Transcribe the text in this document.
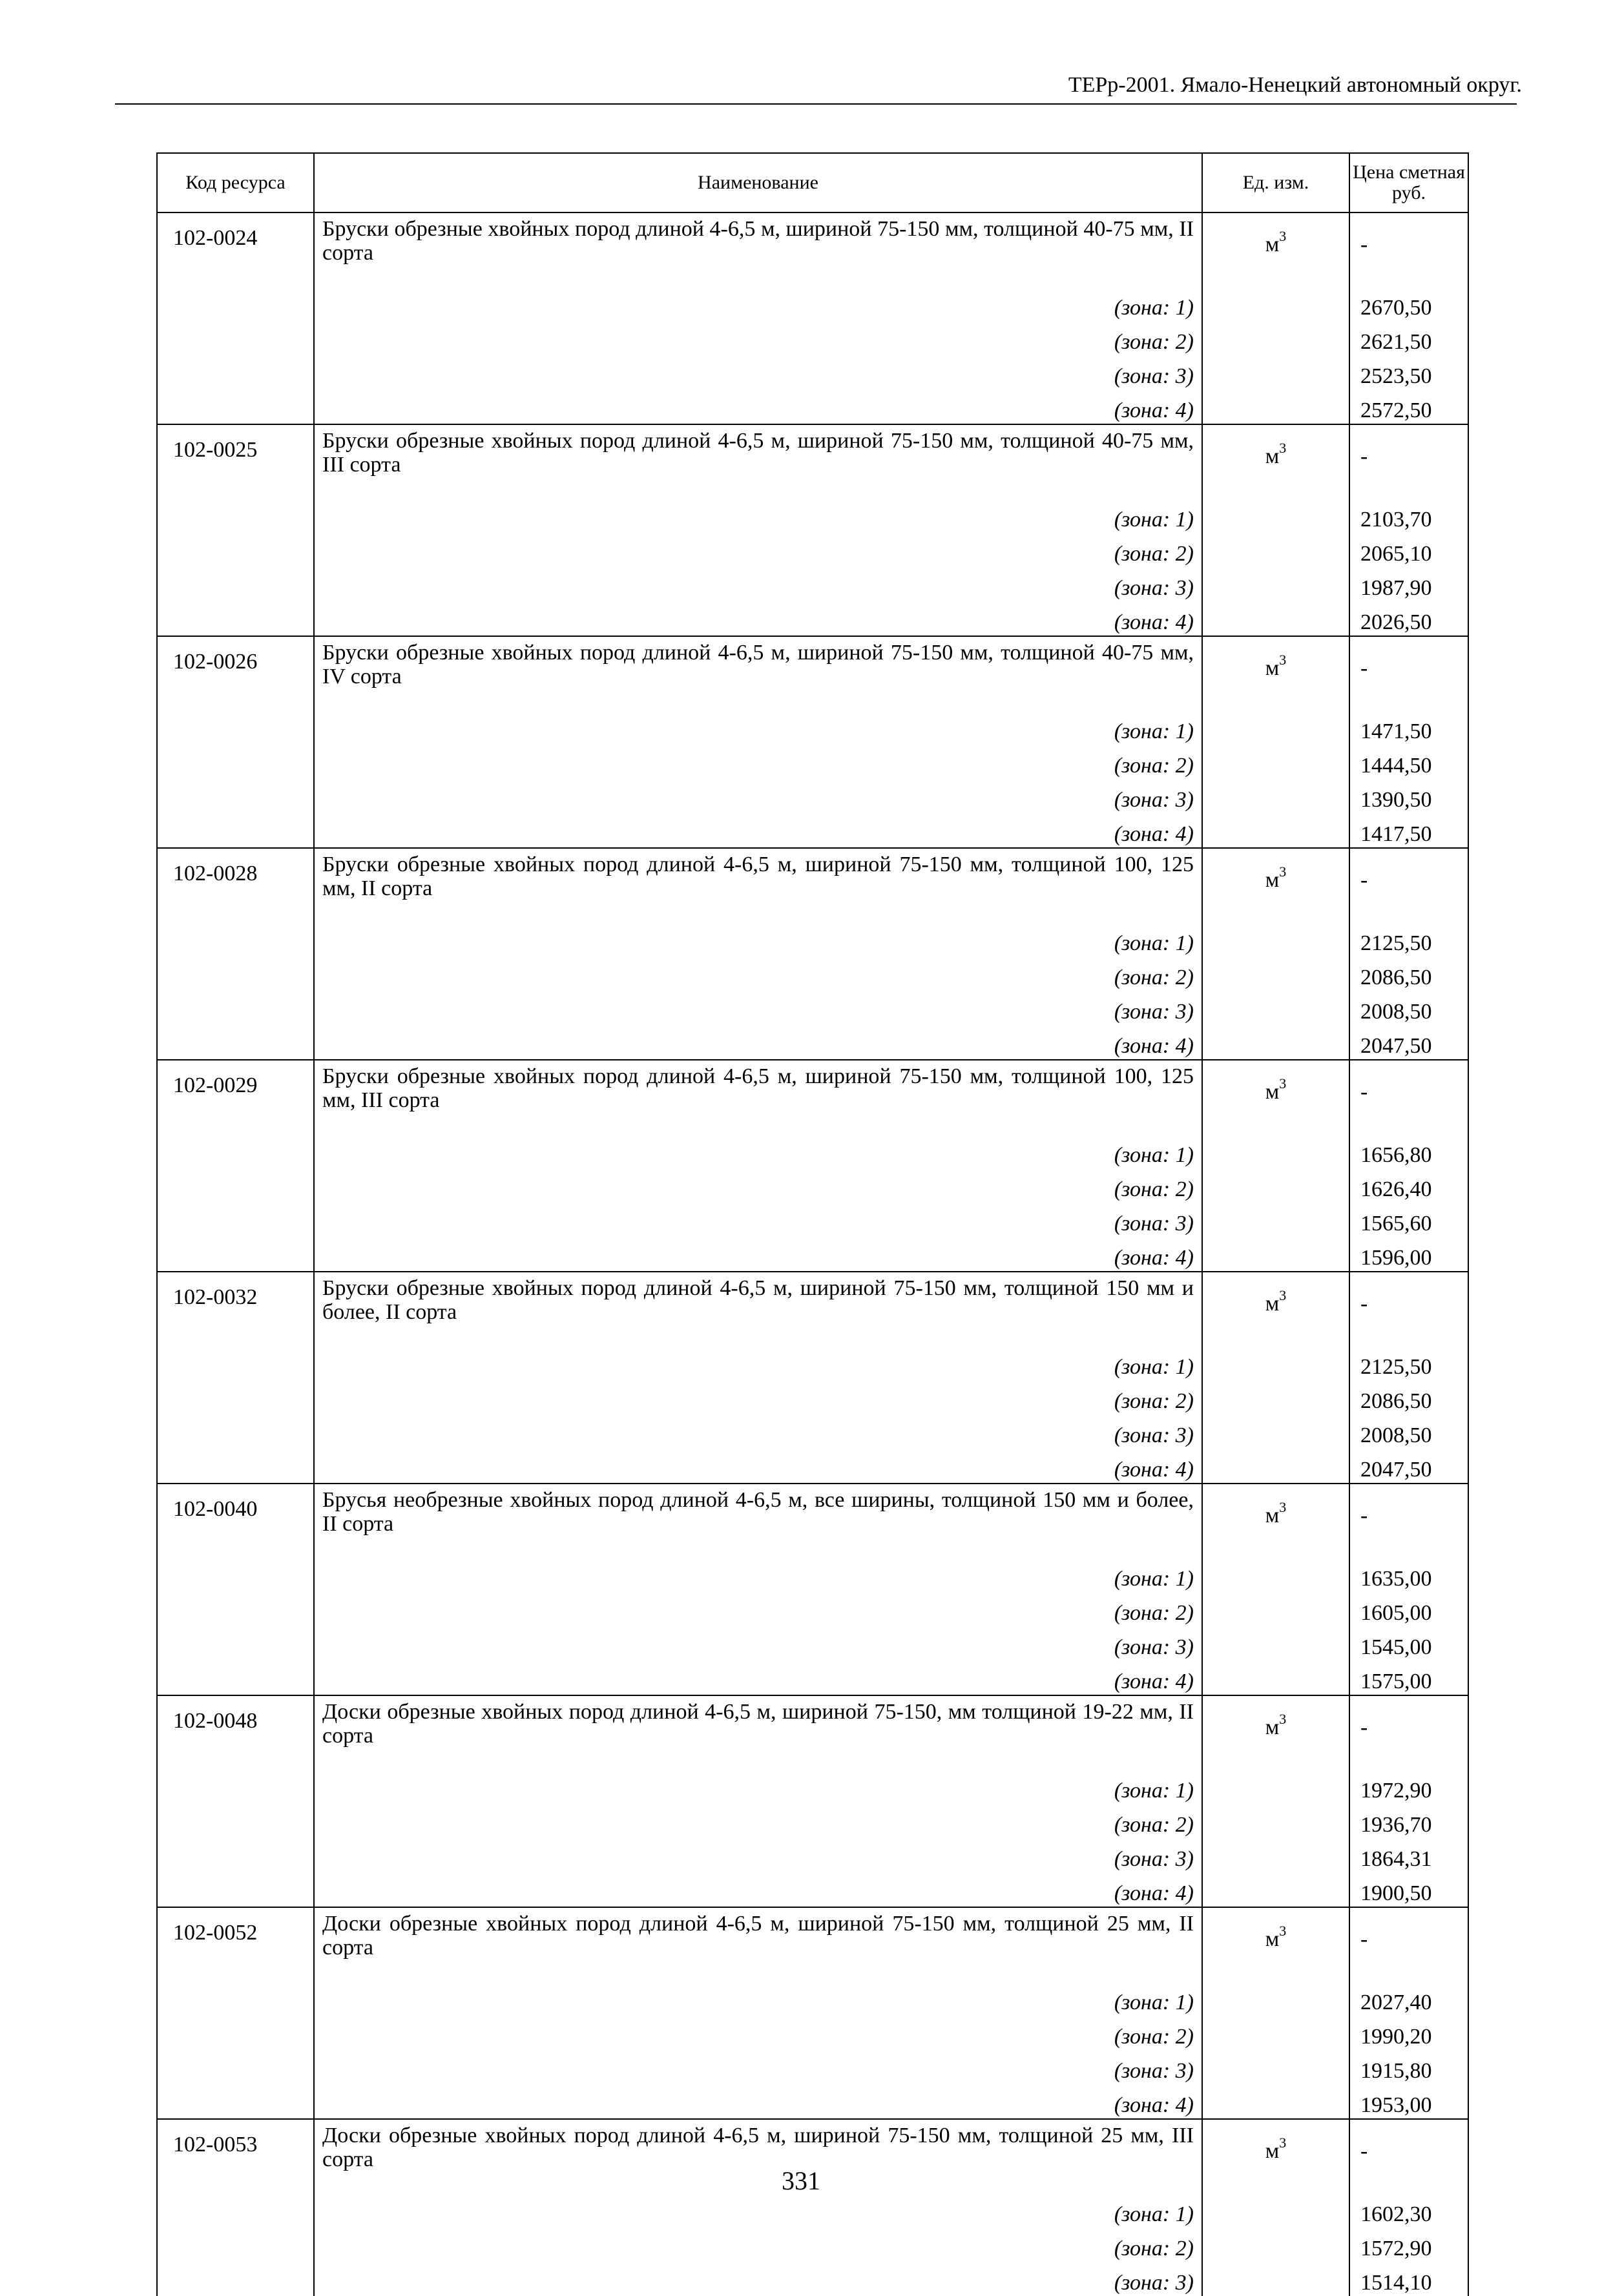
ТЕРр-2001. Ямало-Ненецкий автономный округ.
Код ресурса	Наименование	Ед. изм.	Цена сметная руб.
102-0024	Бруски обрезные хвойных пород длиной 4-6,5 м, шириной 75-150 мм, толщиной 40-75 мм, II сорта	$м^3$	-
	(зона: 1)		2670,50
	(зона: 2)		2621,50
	(зона: 3)		2523,50
	(зона: 4)		2572,50
102-0025	Бруски обрезные хвойных пород длиной 4-6,5 м, шириной 75-150 мм, толщиной 40-75 мм, III сорта	$м^3$	-
	(зона: 1)		2103,70
	(зона: 2)		2065,10
	(зона: 3)		1987,90
	(зона: 4)		2026,50
102-0026	Бруски обрезные хвойных пород длиной 4-6,5 м, шириной 75-150 мм, толщиной 40-75 мм, IV сорта	$м^3$	-
	(зона: 1)		1471,50
	(зона: 2)		1444,50
	(зона: 3)		1390,50
	(зона: 4)		1417,50
102-0028	Бруски обрезные хвойных пород длиной 4-6,5 м, шириной 75-150 мм, толщиной 100, 125 мм, II сорта	$м^3$	-
	(зона: 1)		2125,50
	(зона: 2)		2086,50
	(зона: 3)		2008,50
	(зона: 4)		2047,50
102-0029	Бруски обрезные хвойных пород длиной 4-6,5 м, шириной 75-150 мм, толщиной 100, 125 мм, III сорта	$м^3$	-
	(зона: 1)		1656,80
	(зона: 2)		1626,40
	(зона: 3)		1565,60
	(зона: 4)		1596,00
102-0032	Бруски обрезные хвойных пород длиной 4-6,5 м, шириной 75-150 мм, толщиной 150 мм и более, II сорта	$м^3$	-
	(зона: 1)		2125,50
	(зона: 2)		2086,50
	(зона: 3)		2008,50
	(зона: 4)		2047,50
102-0040	Брусья необрезные хвойных пород длиной 4-6,5 м, все ширины, толщиной 150 мм и более, II сорта	$м^3$	-
	(зона: 1)		1635,00
	(зона: 2)		1605,00
	(зона: 3)		1545,00
	(зона: 4)		1575,00
102-0048	Доски обрезные хвойных пород длиной 4-6,5 м, шириной 75-150, мм толщиной 19-22 мм, II сорта	$м^3$	-
	(зона: 1)		1972,90
	(зона: 2)		1936,70
	(зона: 3)		1864,31
	(зона: 4)		1900,50
102-0052	Доски обрезные хвойных пород длиной 4-6,5 м, шириной 75-150 мм, толщиной 25 мм, II сорта	$м^3$	-
	(зона: 1)		2027,40
	(зона: 2)		1990,20
	(зона: 3)		1915,80
	(зона: 4)		1953,00
102-0053	Доски обрезные хвойных пород длиной 4-6,5 м, шириной 75-150 мм, толщиной 25 мм, III сорта	$м^3$	-
	(зона: 1)		1602,30
	(зона: 2)		1572,90
	(зона: 3)		1514,10
331
